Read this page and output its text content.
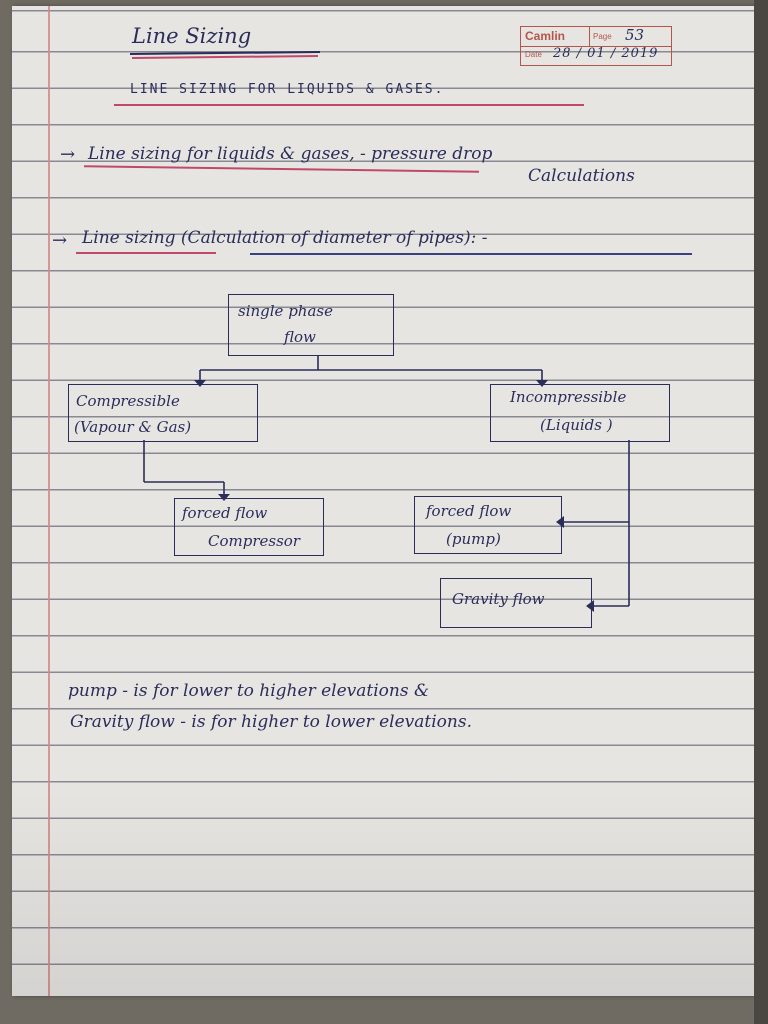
Line Sizing	Camlin	Page 53
Date 28 / 01 / 2019
LINE SIZING FOR LIQUIDS & GASES.
→ Line sizing for liquids & gases, - pressure drop
Calculations
→ Line sizing (Calculation of diameter of pipes): -
single phase
flow
Compressible
(Vapour & Gas)
Incompressible
(Liquids )
forced flow
Compressor
forced flow
(pump)
Gravity flow
pump - is for lower to higher elevations &
Gravity flow - is for higher to lower elevations.
